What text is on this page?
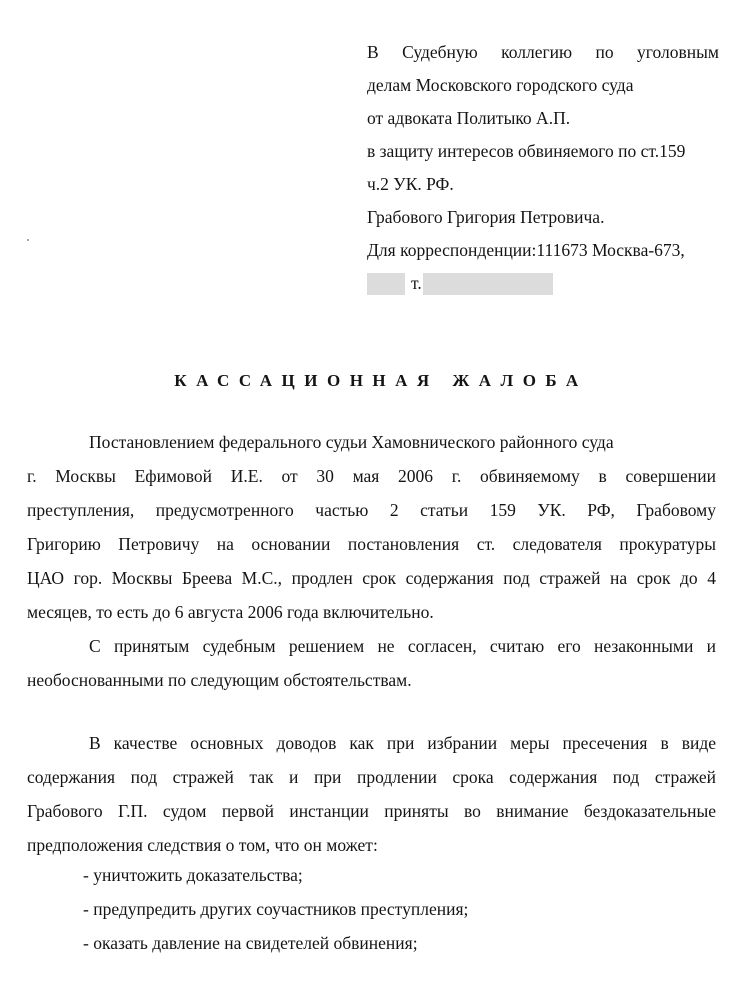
В Судебную коллегию по уголовным
делам Московского городского суда
от адвоката Политыко А.П.
в защиту интересов обвиняемого по ст.159
ч.2 УК. РФ.
Грабового Григория Петровича.
Для корреспонденции:111673 Москва-673,
т.
КАССАЦИОННАЯ ЖАЛОБА
Постановлением федерального судьи Хамовнического районного суда
г. Москвы Ефимовой И.Е. от 30 мая 2006 г. обвиняемому в совершении
преступления, предусмотренного частью 2 статьи 159 УК. РФ, Грабовому
Григорию Петровичу на основании постановления ст. следователя прокуратуры
ЦАО гор. Москвы Бреева М.С., продлен срок содержания под стражей на срок до 4
месяцев, то есть до 6 августа 2006 года включительно.
С принятым судебным решением не согласен, считаю его незаконными и
необоснованными по следующим обстоятельствам.
В качестве основных доводов как при избрании меры пресечения в виде
содержания под стражей так и при продлении срока содержания под стражей
Грабового Г.П. судом первой инстанции приняты во внимание бездоказательные
предположения следствия о том, что он может:
- уничтожить доказательства;
- предупредить других соучастников преступления;
- оказать давление на свидетелей обвинения;
